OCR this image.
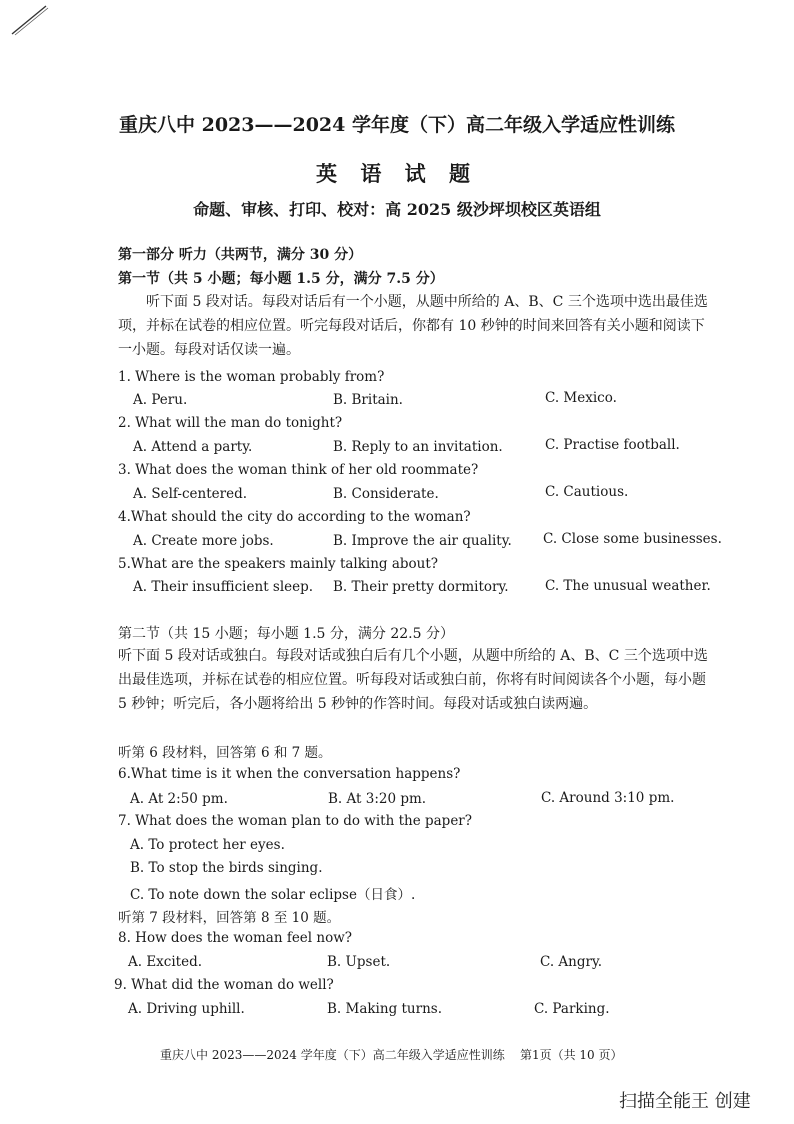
重庆八中 2023——2024 学年度（下）高二年级入学适应性训练
英 语 试 题
命题、审核、打印、校对：高 2025 级沙坪坝校区英语组
第一部分 听力（共两节，满分 30 分）
第一节（共 5 小题；每小题 1.5 分，满分 7.5 分）
听下面 5 段对话。每段对话后有一个小题，从题中所给的 A、B、C 三个选项中选出最佳选项，并标在试卷的相应位置。听完每段对话后，你都有 10 秒钟的时间来回答有关小题和阅读下一小题。每段对话仅读一遍。
1. Where is the woman probably from?
A. Peru.	B. Britain.	C. Mexico.
2. What will the man do tonight?
A. Attend a party.	B. Reply to an invitation.	C. Practise football.
3. What does the woman think of her old roommate?
A. Self-centered.	B. Considerate.	C. Cautious.
4.What should the city do according to the woman?
A. Create more jobs.	B. Improve the air quality. C. Close some businesses.
5.What are the speakers mainly talking about?
A. Their insufficient sleep. B. Their pretty dormitory.	C. The unusual weather.
第二节（共 15 小题；每小题 1.5 分，满分 22.5 分）
听下面 5 段对话或独白。每段对话或独白后有几个小题，从题中所给的 A、B、C 三个选项中选出最佳选项，并标在试卷的相应位置。听每段对话或独白前，你将有时间阅读各个小题，每小题 5 秒钟；听完后，各小题将给出 5 秒钟的作答时间。每段对话或独白读两遍。
听第 6 段材料，回答第 6 和 7 题。
6.What time is it when the conversation happens?
A. At 2:50 pm.	B. At 3:20 pm.	C. Around 3:10 pm.
7. What does the woman plan to do with the paper?
A. To protect her eyes.
B. To stop the birds singing.
C. To note down the solar eclipse（日食）.
听第 7 段材料，回答第 8 至 10 题。
8. How does the woman feel now?
A. Excited.	B. Upset.	C. Angry.
9. What did the woman do well?
A. Driving uphill.	B. Making turns.	C. Parking.
重庆八中 2023——2024 学年度（下）高二年级入学适应性训练    第1页（共 10 页）
扫描全能王 创建
